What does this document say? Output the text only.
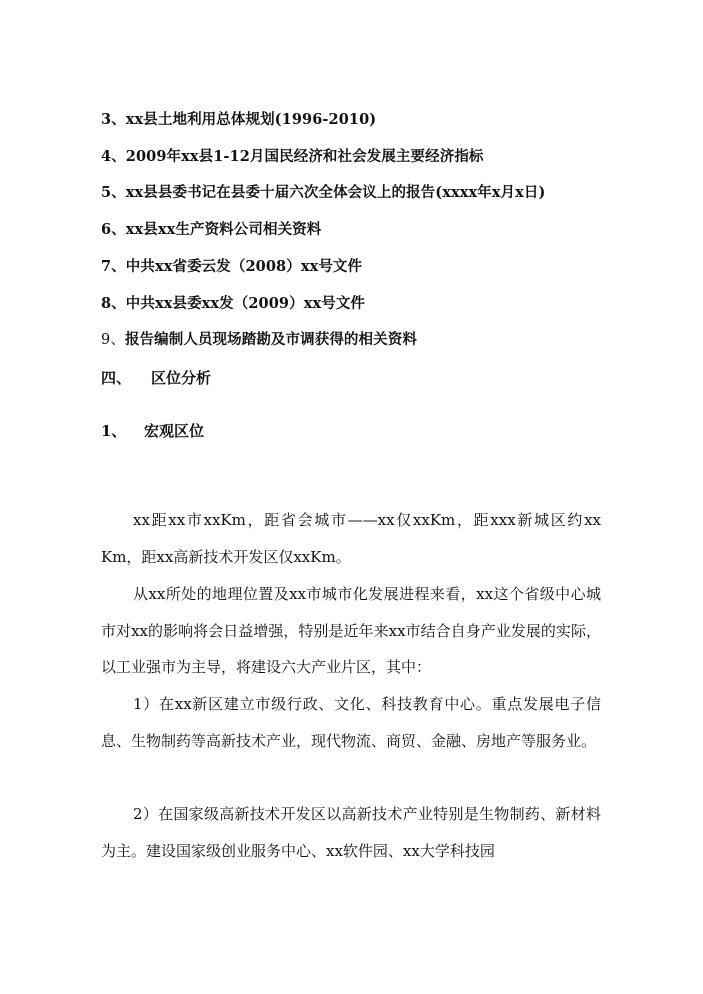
3、xx县土地利用总体规划(1996-2010)
4、2009年xx县1-12月国民经济和社会发展主要经济指标
5、xx县县委书记在县委十届六次全体会议上的报告(xxxx年x月x日)
6、xx县xx生产资料公司相关资料
7、中共xx省委云发（2008）xx号文件
8、中共xx县委xx发（2009）xx号文件
9、报告编制人员现场踏勘及市调获得的相关资料
四、 区位分析
1、 宏观区位
xx距xx市xxKm，距省会城市——xx仅xxKm，距xxx新城区约xx Km，距xx高新技术开发区仅xxKm。
从xx所处的地理位置及xx市城市化发展进程来看，xx这个省级中心城市对xx的影响将会日益增强，特别是近年来xx市结合自身产业发展的实际，以工业强市为主导，将建设六大产业片区，其中：
1）在xx新区建立市级行政、文化、科技教育中心。重点发展电子信息、生物制药等高新技术产业，现代物流、商贸、金融、房地产等服务业。
2）在国家级高新技术开发区以高新技术产业特别是生物制药、新材料为主。建设国家级创业服务中心、xx软件园、xx大学科技园
